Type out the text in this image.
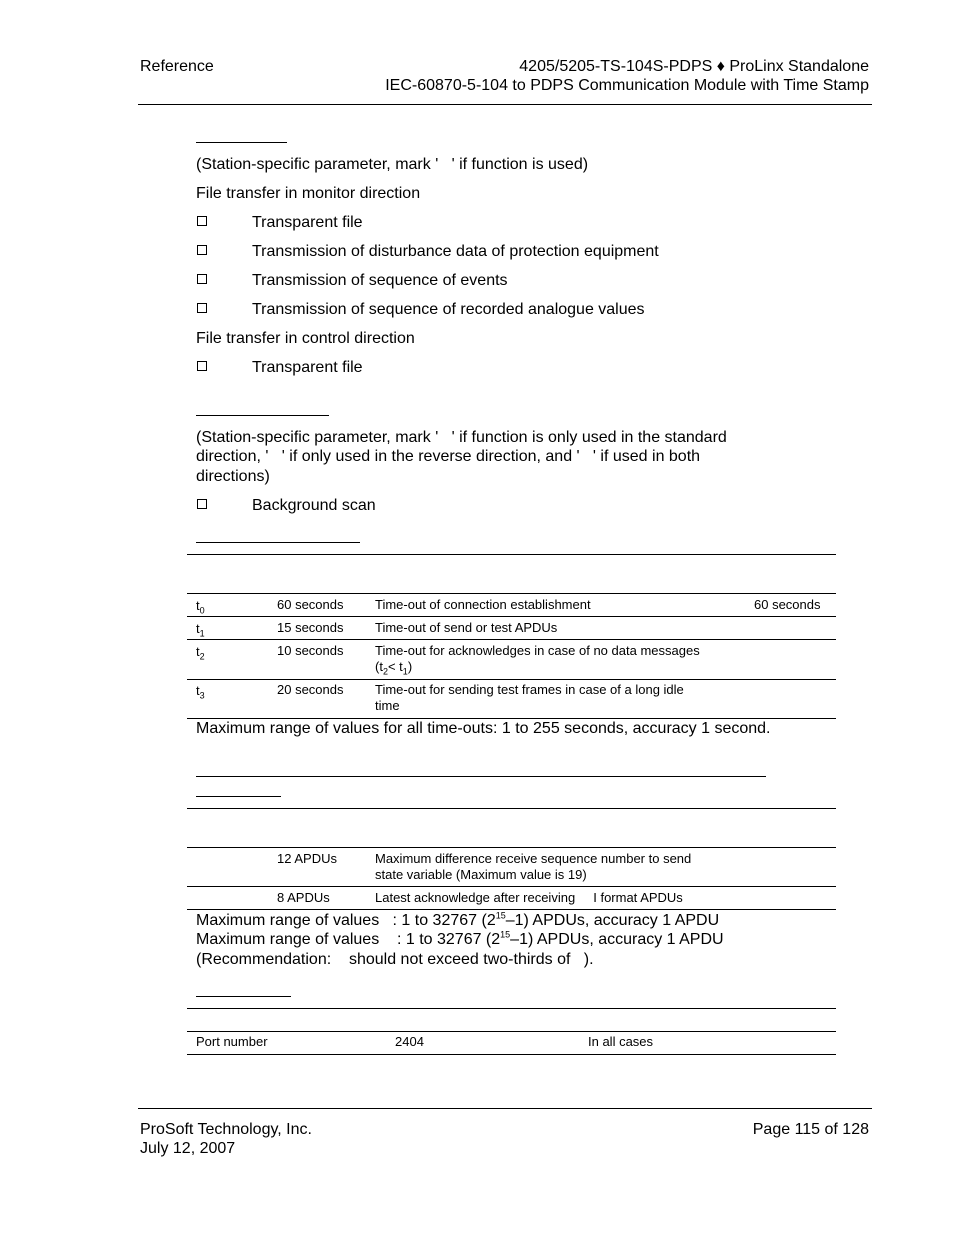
Reference	4205/5205-TS-104S-PDPS ♦ ProLinx Standalone
IEC-60870-5-104 to PDPS Communication Module with Time Stamp
(Station-specific parameter, mark '   ' if function is used)
File transfer in monitor direction
Transparent file
Transmission of disturbance data of protection equipment
Transmission of sequence of events
Transmission of sequence of recorded analogue values
File transfer in control direction
Transparent file
(Station-specific parameter, mark '   ' if function is only used in the standard
direction, '   ' if only used in the reverse direction, and '   ' if used in both
directions)
Background scan
$t_0$	60 seconds Time-out of connection establishment	60 seconds
$t_1$	15 seconds Time-out of send or test APDUs
$t_2$	10 seconds Time-out for acknowledges in case of no data messages
$(t_2< t_1)$
$t_3$	20 seconds Time-out for sending test frames in case of a long idle
time
Maximum range of values for all time-outs: 1 to 255 seconds, accuracy 1 second.
12 APDUs	Maximum difference receive sequence number to send
state variable (Maximum value is 19)
8 APDUs	Latest acknowledge after receiving     I format APDUs
Maximum range of values   : 1 to 32767 $(2^{15}-1)$ APDUs, accuracy 1 APDU
Maximum range of values    : 1 to 32767 $(2^{15}-1)$ APDUs, accuracy 1 APDU
(Recommendation:    should not exceed two-thirds of   ).
Port number	2404	In all cases
ProSoft Technology, Inc.
July 12, 2007
Page 115 of 128
